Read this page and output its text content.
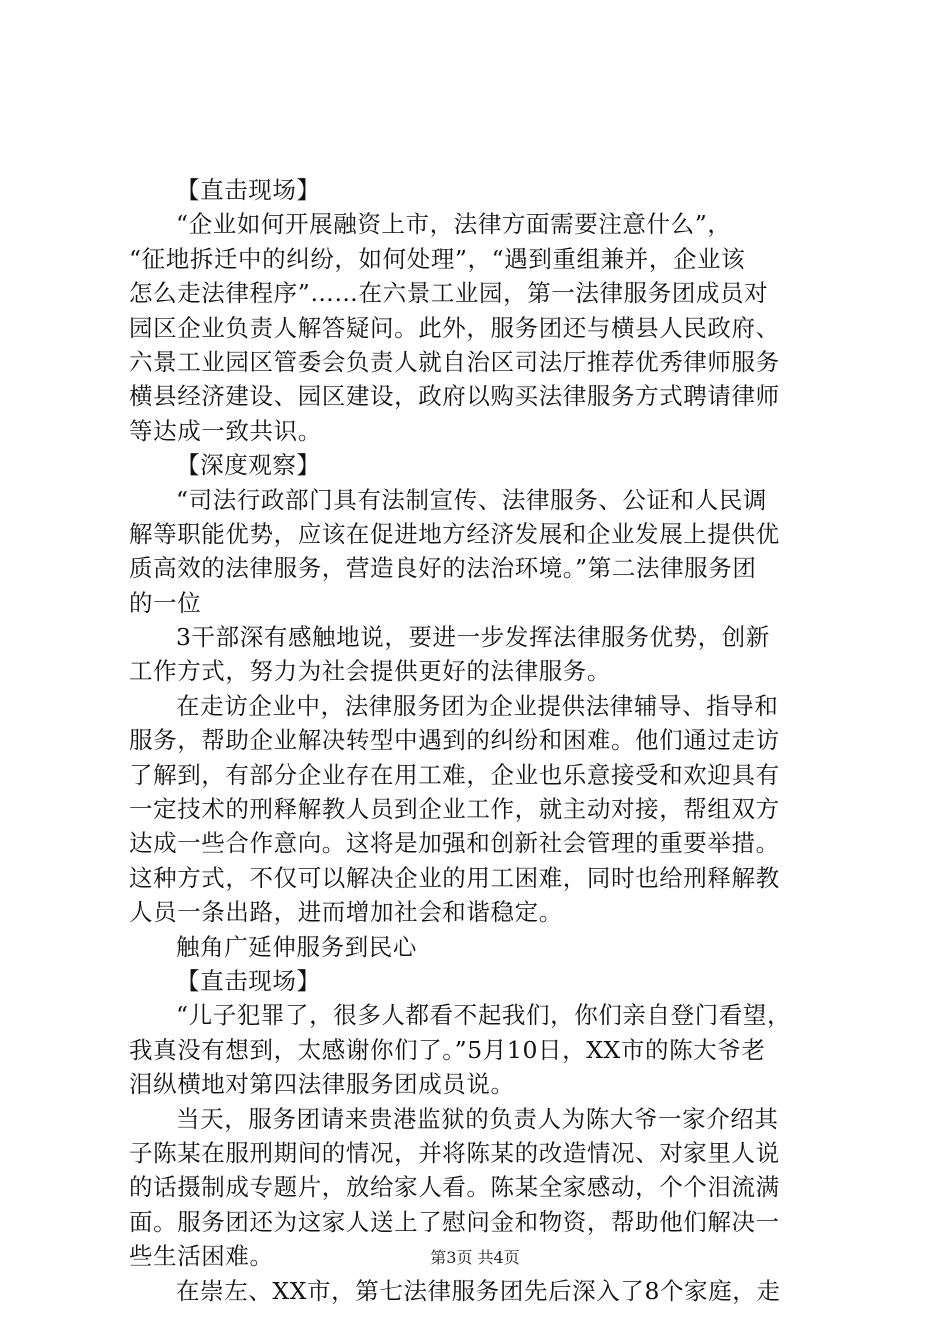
【直击现场】
“企业如何开展融资上市，法律方面需要注意什么”，
“征地拆迁中的纠纷，如何处理”，“遇到重组兼并，企业该
怎么走法律程序”……在六景工业园，第一法律服务团成员对
园区企业负责人解答疑问。此外，服务团还与横县人民政府、
六景工业园区管委会负责人就自治区司法厅推荐优秀律师服务
横县经济建设、园区建设，政府以购买法律服务方式聘请律师
等达成一致共识。
【深度观察】
“司法行政部门具有法制宣传、法律服务、公证和人民调
解等职能优势，应该在促进地方经济发展和企业发展上提供优
质高效的法律服务，营造良好的法治环境。”第二法律服务团
的一位
3干部深有感触地说，要进一步发挥法律服务优势，创新
工作方式，努力为社会提供更好的法律服务。
在走访企业中，法律服务团为企业提供法律辅导、指导和
服务，帮助企业解决转型中遇到的纠纷和困难。他们通过走访
了解到，有部分企业存在用工难，企业也乐意接受和欢迎具有
一定技术的刑释解教人员到企业工作，就主动对接，帮组双方
达成一些合作意向。这将是加强和创新社会管理的重要举措。
这种方式，不仅可以解决企业的用工困难，同时也给刑释解教
人员一条出路，进而增加社会和谐稳定。
触角广延伸服务到民心
【直击现场】
“儿子犯罪了，很多人都看不起我们，你们亲自登门看望，
我真没有想到，太感谢你们了。”5月10日，XX市的陈大爷老
泪纵横地对第四法律服务团成员说。
当天，服务团请来贵港监狱的负责人为陈大爷一家介绍其
子陈某在服刑期间的情况，并将陈某的改造情况、对家里人说
的话摄制成专题片，放给家人看。陈某全家感动，个个泪流满
面。服务团还为这家人送上了慰问金和物资，帮助他们解决一
些生活困难。
在崇左、XX市，第七法律服务团先后深入了8个家庭，走
第3页 共4页
